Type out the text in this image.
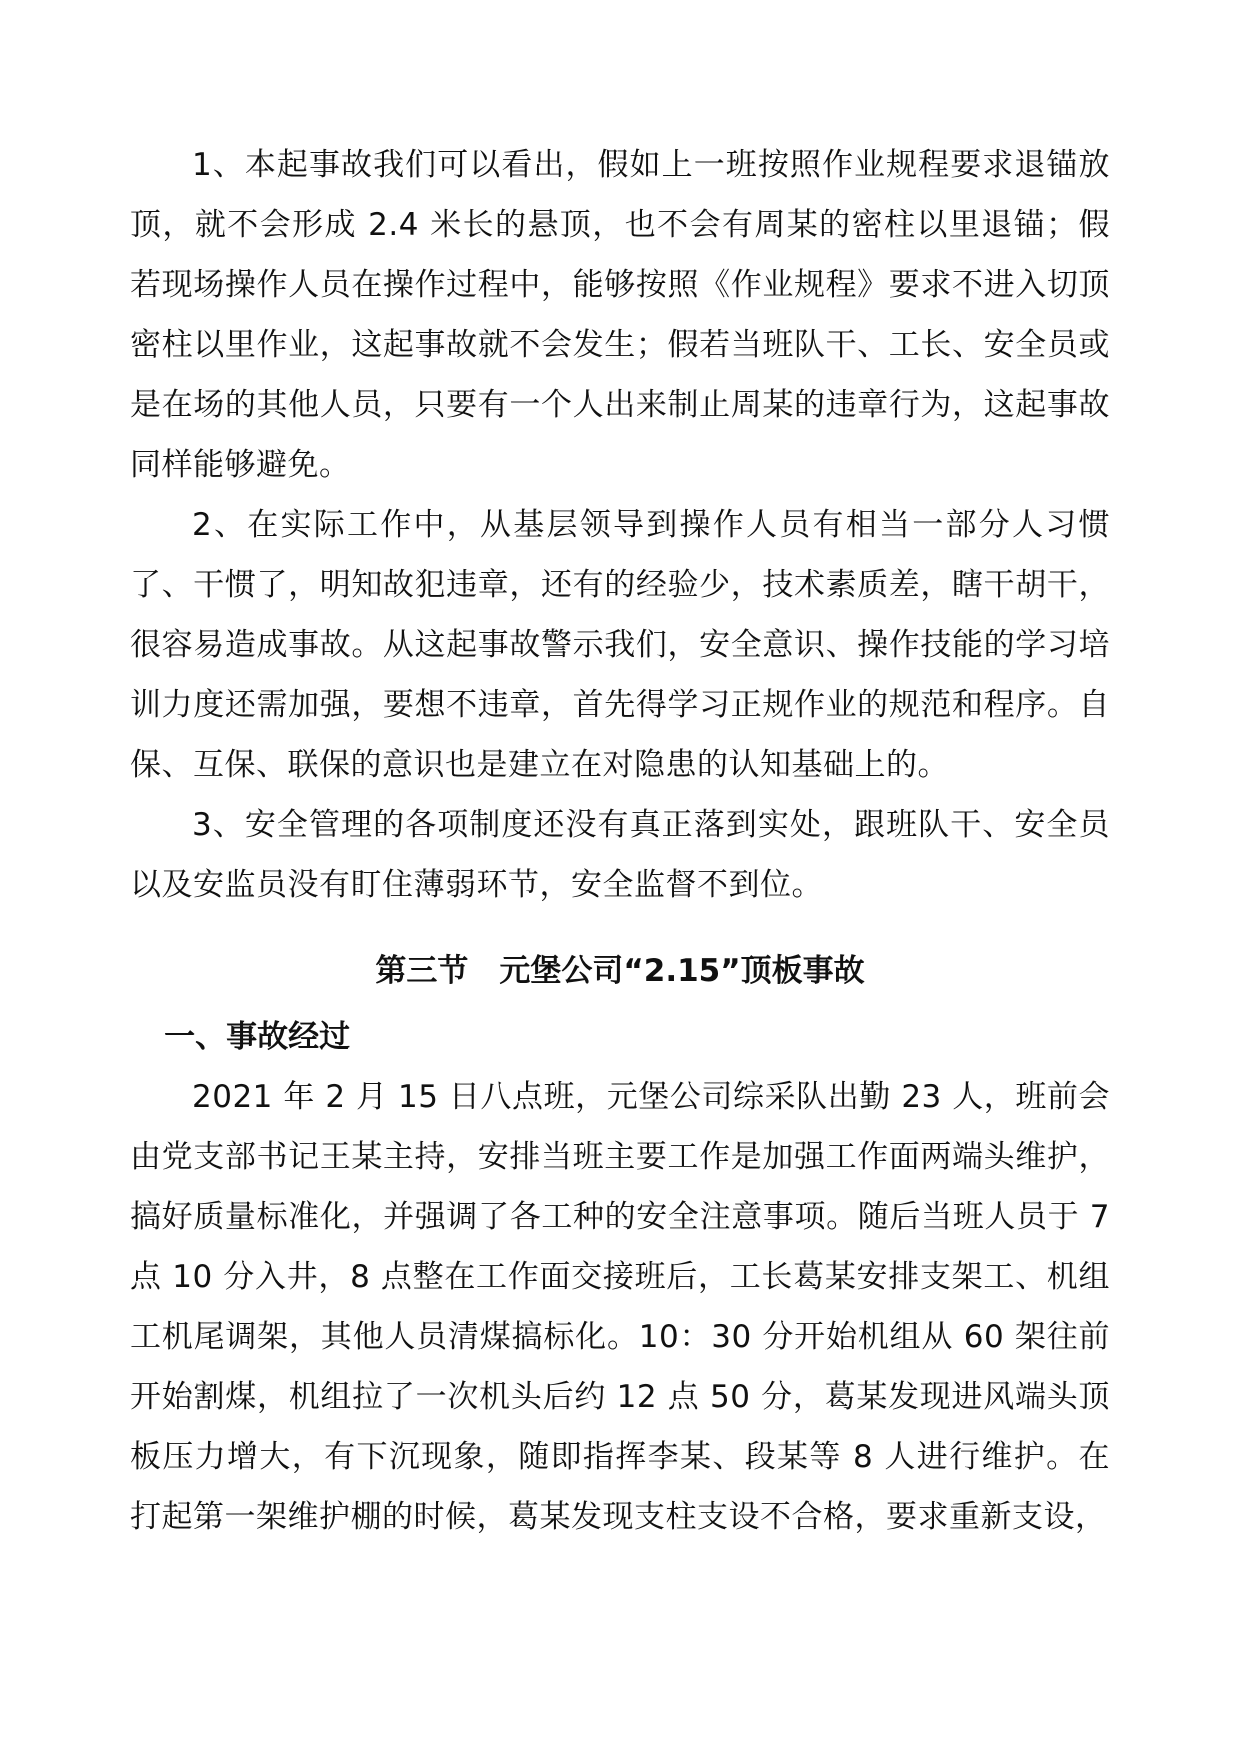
1、本起事故我们可以看出，假如上一班按照作业规程要求退锚放顶，就不会形成 2.4 米长的悬顶，也不会有周某的密柱以里退锚；假若现场操作人员在操作过程中，能够按照《作业规程》要求不进入切顶密柱以里作业，这起事故就不会发生；假若当班队干、工长、安全员或是在场的其他人员，只要有一个人出来制止周某的违章行为，这起事故同样能够避免。

2、在实际工作中，从基层领导到操作人员有相当一部分人习惯了、干惯了，明知故犯违章，还有的经验少，技术素质差，瞎干胡干，很容易造成事故。从这起事故警示我们，安全意识、操作技能的学习培训力度还需加强，要想不违章，首先得学习正规作业的规范和程序。自保、互保、联保的意识也是建立在对隐患的认知基础上的。

3、安全管理的各项制度还没有真正落到实处，跟班队干、安全员以及安监员没有盯住薄弱环节，安全监督不到位。

第三节　元堡公司“2.15”顶板事故
一、事故经过

2021 年 2 月 15 日八点班，元堡公司综采队出勤 23 人，班前会由党支部书记王某主持，安排当班主要工作是加强工作面两端头维护，搞好质量标准化，并强调了各工种的安全注意事项。随后当班人员于 7 点 10 分入井，8 点整在工作面交接班后，工长葛某安排支架工、机组工机尾调架，其他人员清煤搞标化。10：30 分开始机组从 60 架往前开始割煤，机组拉了一次机头后约 12 点 50 分，葛某发现进风端头顶板压力增大，有下沉现象，随即指挥李某、段某等 8 人进行维护。在打起第一架维护棚的时候，葛某发现支柱支设不合格，要求重新支设，
